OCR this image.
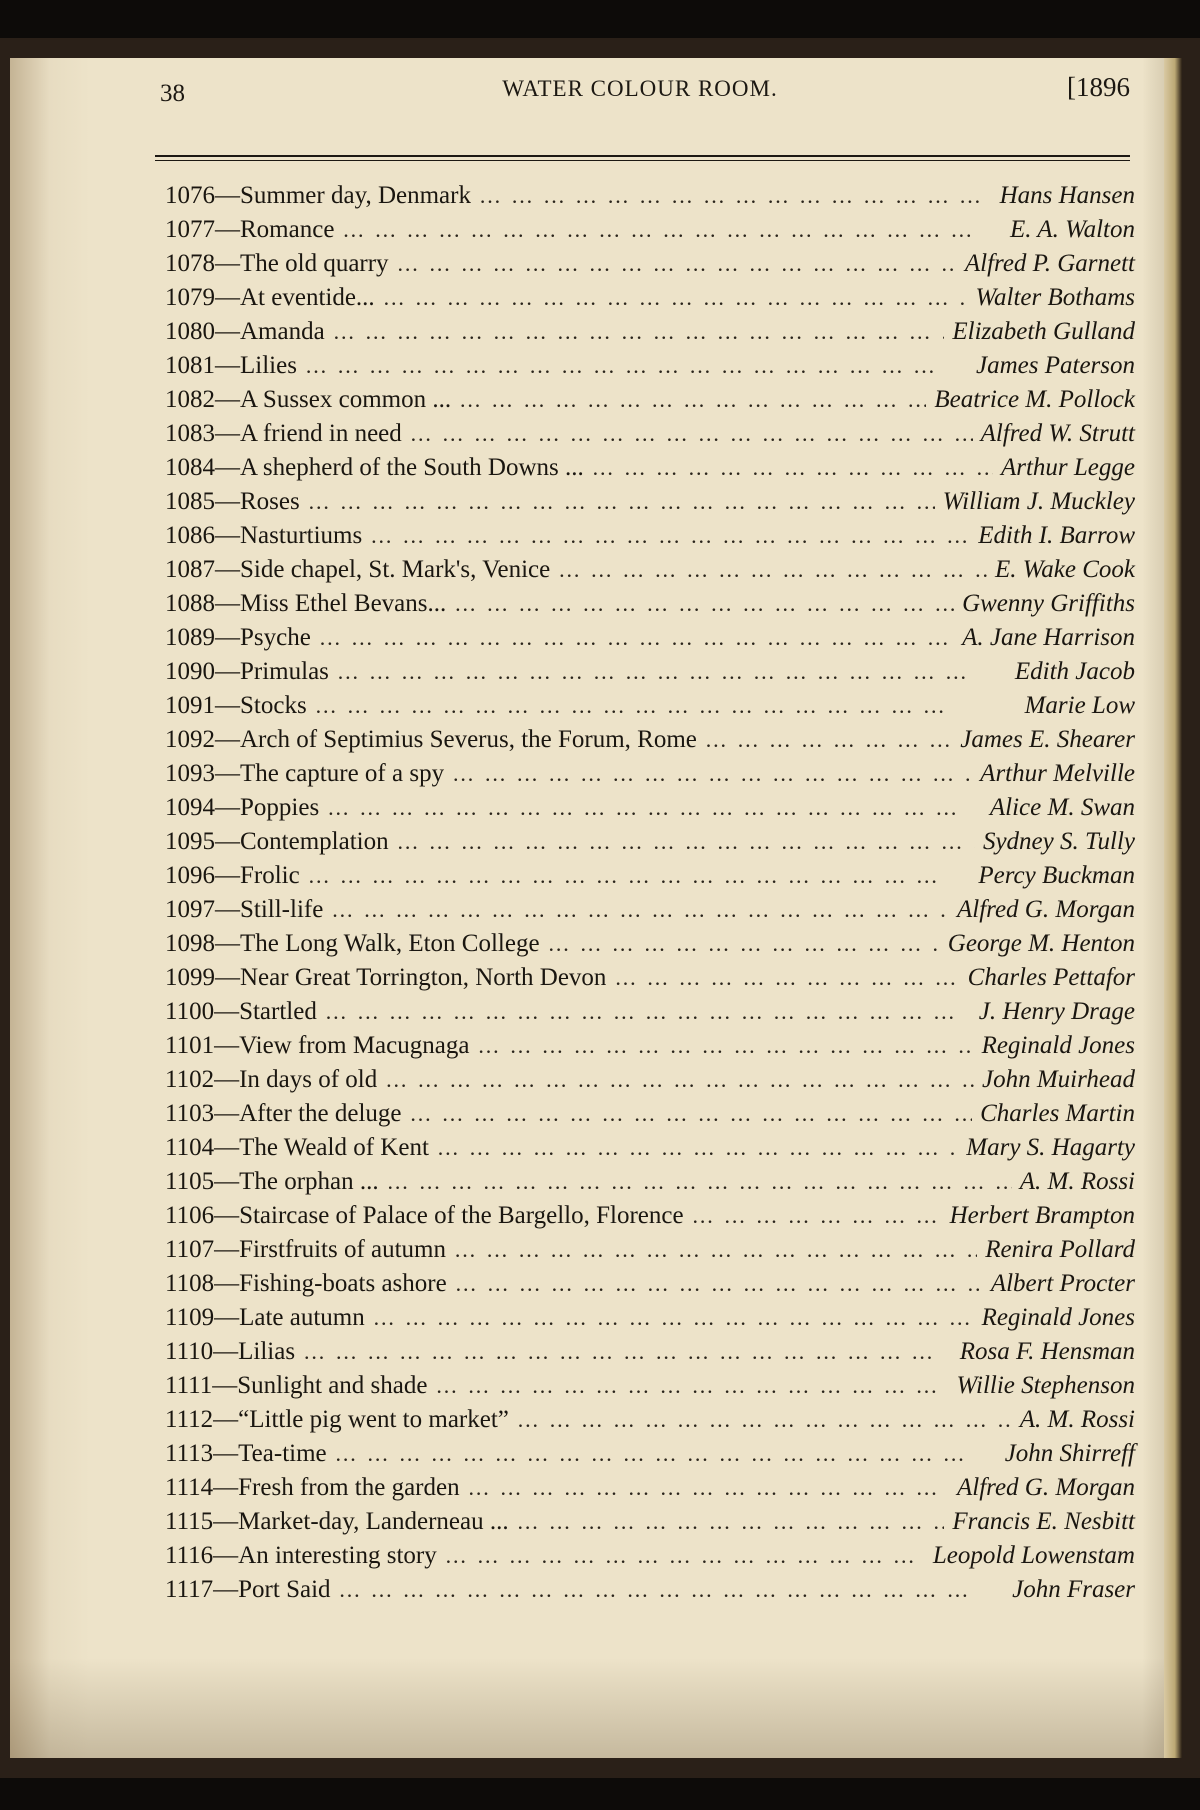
38	WATER COLOUR ROOM.	[1896
1076—Summer day, Denmark ……………………………………………………	Hans Hansen
1077—Romance ……………………………………………………	E. A. Walton
1078—The old quarry ……………………………………………………	Alfred P. Garnett
1079—At eventide... ……………………………………………………	Walter Bothams
1080—Amanda ……………………………………………………	Elizabeth Gulland
1081—Lilies ……………………………………………………	James Paterson
1082—A Sussex common ... ……………………………………………………	Beatrice M. Pollock
1083—A friend in need ……………………………………………………	Alfred W. Strutt
1084—A shepherd of the South Downs ... ……………………………………………………	Arthur Legge
1085—Roses ……………………………………………………	William J. Muckley
1086—Nasturtiums ……………………………………………………	Edith I. Barrow
1087—Side chapel, St. Mark's, Venice ……………………………………………………	E. Wake Cook
1088—Miss Ethel Bevans... ……………………………………………………	Gwenny Griffiths
1089—Psyche ……………………………………………………	A. Jane Harrison
1090—Primulas ……………………………………………………	Edith Jacob
1091—Stocks ……………………………………………………	Marie Low
1092—Arch of Septimius Severus, the Forum, Rome ……………………………………………………	James E. Shearer
1093—The capture of a spy ……………………………………………………	Arthur Melville
1094—Poppies ……………………………………………………	Alice M. Swan
1095—Contemplation ……………………………………………………	Sydney S. Tully
1096—Frolic ……………………………………………………	Percy Buckman
1097—Still-life ……………………………………………………	Alfred G. Morgan
1098—The Long Walk, Eton College ……………………………………………………	George M. Henton
1099—Near Great Torrington, North Devon ……………………………………………………	Charles Pettafor
1100—Startled ……………………………………………………	J. Henry Drage
1101—View from Macugnaga ……………………………………………………	Reginald Jones
1102—In days of old ……………………………………………………	John Muirhead
1103—After the deluge ……………………………………………………	Charles Martin
1104—The Weald of Kent ……………………………………………………	Mary S. Hagarty
1105—The orphan ... ……………………………………………………	A. M. Rossi
1106—Staircase of Palace of the Bargello, Florence ……………………………………………………	Herbert Brampton
1107—Firstfruits of autumn ……………………………………………………	Renira Pollard
1108—Fishing-boats ashore ……………………………………………………	Albert Procter
1109—Late autumn ……………………………………………………	Reginald Jones
1110—Lilias ……………………………………………………	Rosa F. Hensman
1111—Sunlight and shade ……………………………………………………	Willie Stephenson
1112—“Little pig went to market” ……………………………………………………	A. M. Rossi
1113—Tea-time ……………………………………………………	John Shirreff
1114—Fresh from the garden ……………………………………………………	Alfred G. Morgan
1115—Market-day, Landerneau ... ……………………………………………………	Francis E. Nesbitt
1116—An interesting story ……………………………………………………	Leopold Lowenstam
1117—Port Said ……………………………………………………	John Fraser
